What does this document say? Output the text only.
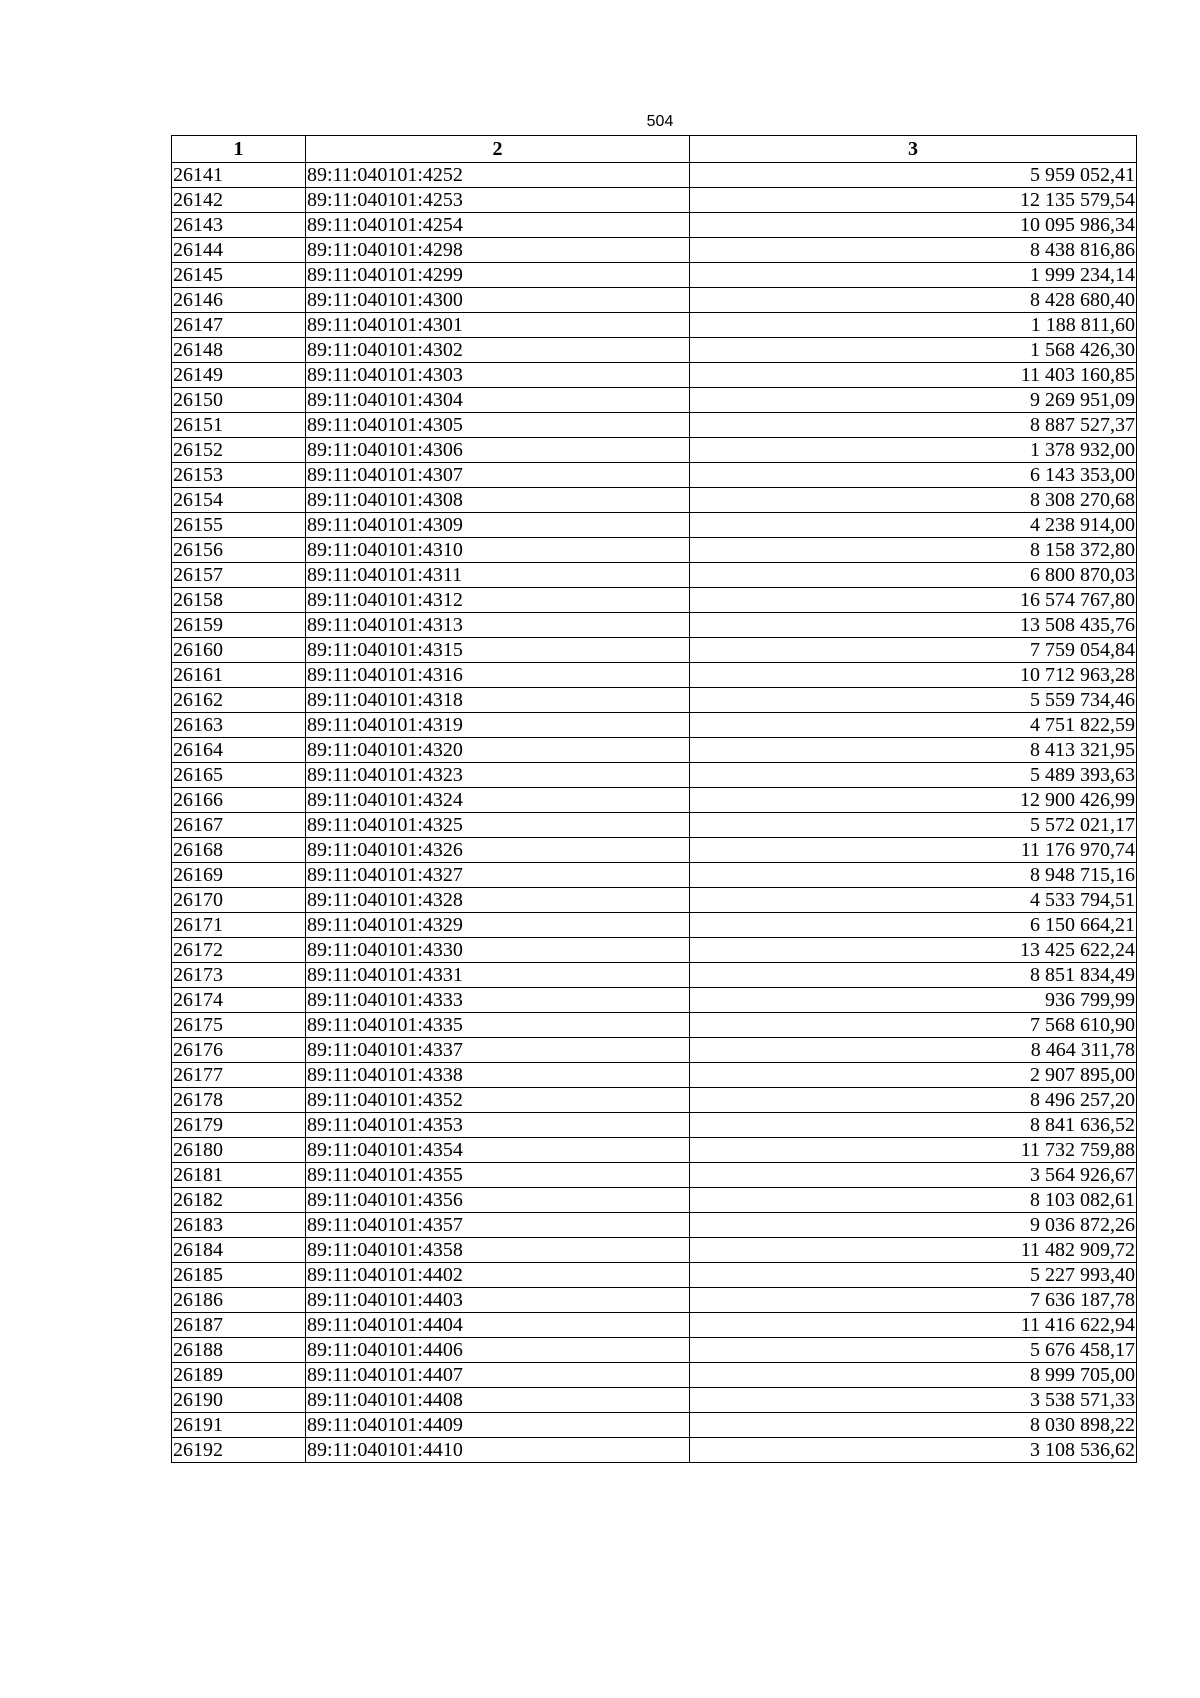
504
1	2	3
26141	89:11:040101:4252	5 959 052,41
26142	89:11:040101:4253	12 135 579,54
26143	89:11:040101:4254	10 095 986,34
26144	89:11:040101:4298	8 438 816,86
26145	89:11:040101:4299	1 999 234,14
26146	89:11:040101:4300	8 428 680,40
26147	89:11:040101:4301	1 188 811,60
26148	89:11:040101:4302	1 568 426,30
26149	89:11:040101:4303	11 403 160,85
26150	89:11:040101:4304	9 269 951,09
26151	89:11:040101:4305	8 887 527,37
26152	89:11:040101:4306	1 378 932,00
26153	89:11:040101:4307	6 143 353,00
26154	89:11:040101:4308	8 308 270,68
26155	89:11:040101:4309	4 238 914,00
26156	89:11:040101:4310	8 158 372,80
26157	89:11:040101:4311	6 800 870,03
26158	89:11:040101:4312	16 574 767,80
26159	89:11:040101:4313	13 508 435,76
26160	89:11:040101:4315	7 759 054,84
26161	89:11:040101:4316	10 712 963,28
26162	89:11:040101:4318	5 559 734,46
26163	89:11:040101:4319	4 751 822,59
26164	89:11:040101:4320	8 413 321,95
26165	89:11:040101:4323	5 489 393,63
26166	89:11:040101:4324	12 900 426,99
26167	89:11:040101:4325	5 572 021,17
26168	89:11:040101:4326	11 176 970,74
26169	89:11:040101:4327	8 948 715,16
26170	89:11:040101:4328	4 533 794,51
26171	89:11:040101:4329	6 150 664,21
26172	89:11:040101:4330	13 425 622,24
26173	89:11:040101:4331	8 851 834,49
26174	89:11:040101:4333	936 799,99
26175	89:11:040101:4335	7 568 610,90
26176	89:11:040101:4337	8 464 311,78
26177	89:11:040101:4338	2 907 895,00
26178	89:11:040101:4352	8 496 257,20
26179	89:11:040101:4353	8 841 636,52
26180	89:11:040101:4354	11 732 759,88
26181	89:11:040101:4355	3 564 926,67
26182	89:11:040101:4356	8 103 082,61
26183	89:11:040101:4357	9 036 872,26
26184	89:11:040101:4358	11 482 909,72
26185	89:11:040101:4402	5 227 993,40
26186	89:11:040101:4403	7 636 187,78
26187	89:11:040101:4404	11 416 622,94
26188	89:11:040101:4406	5 676 458,17
26189	89:11:040101:4407	8 999 705,00
26190	89:11:040101:4408	3 538 571,33
26191	89:11:040101:4409	8 030 898,22
26192	89:11:040101:4410	3 108 536,62
